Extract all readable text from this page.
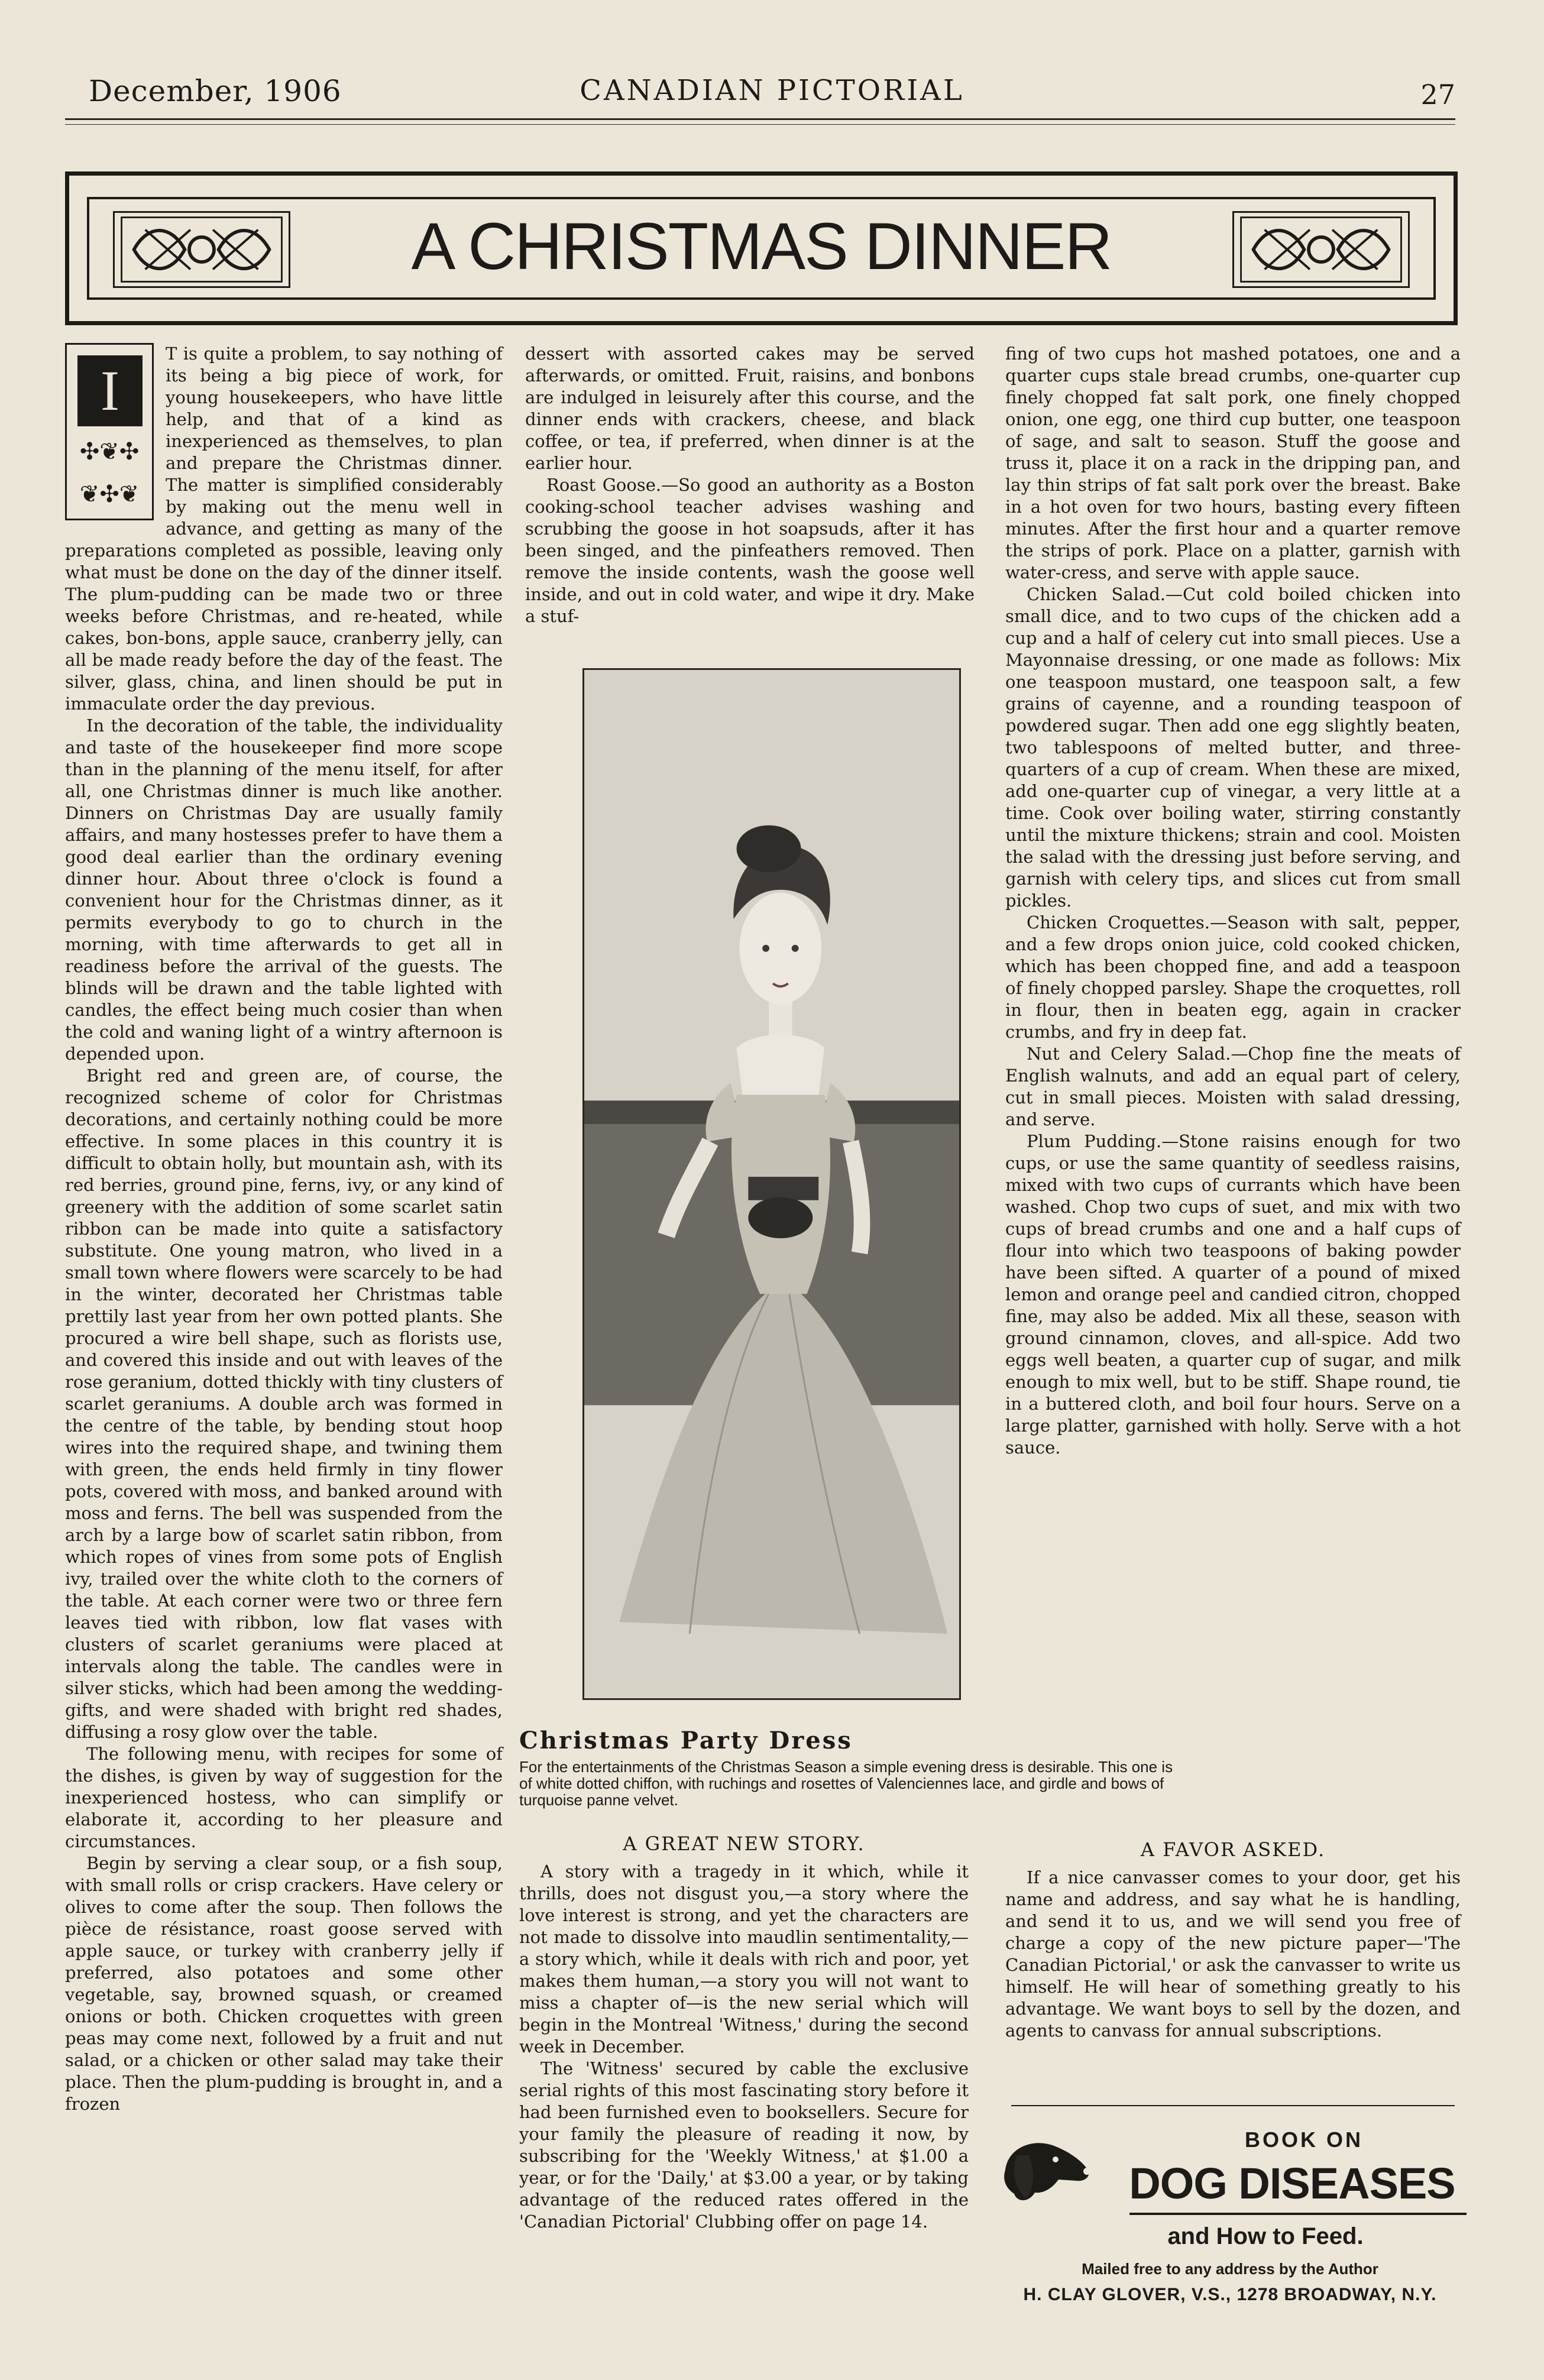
December, 1906	CANADIAN PICTORIAL	27
A CHRISTMAS DINNER
I
✣❦✣
❦✣❦

T is quite a problem, to say nothing of its being a big piece of work, for young housekeepers, who have little help, and that of a kind as inexperienced as themselves, to plan and prepare the Christmas dinner. The matter is simplified considerably by making out the menu well in advance, and getting as many of the preparations completed as possible, leaving only what must be done on the day of the dinner itself. The plum-pudding can be made two or three weeks before Christmas, and re-heated, while cakes, bon-bons, apple sauce, cranberry jelly, can all be made ready before the day of the feast. The silver, glass, china, and linen should be put in immaculate order the day previous.

In the decoration of the table, the individuality and taste of the housekeeper find more scope than in the planning of the menu itself, for after all, one Christmas dinner is much like another. Dinners on Christmas Day are usually family affairs, and many hostesses prefer to have them a good deal earlier than the ordinary evening dinner hour. About three o'clock is found a convenient hour for the Christmas dinner, as it permits everybody to go to church in the morning, with time afterwards to get all in readiness before the arrival of the guests. The blinds will be drawn and the table lighted with candles, the effect being much cosier than when the cold and waning light of a wintry afternoon is depended upon.

Bright red and green are, of course, the recognized scheme of color for Christmas decorations, and certainly nothing could be more effective. In some places in this country it is difficult to obtain holly, but mountain ash, with its red berries, ground pine, ferns, ivy, or any kind of greenery with the addition of some scarlet satin ribbon can be made into quite a satisfactory substitute. One young matron, who lived in a small town where flowers were scarcely to be had in the winter, decorated her Christmas table prettily last year from her own potted plants. She procured a wire bell shape, such as florists use, and covered this inside and out with leaves of the rose geranium, dotted thickly with tiny clusters of scarlet geraniums. A double arch was formed in the centre of the table, by bending stout hoop wires into the required shape, and twining them with green, the ends held firmly in tiny flower pots, covered with moss, and banked around with moss and ferns. The bell was suspended from the arch by a large bow of scarlet satin ribbon, from which ropes of vines from some pots of English ivy, trailed over the white cloth to the corners of the table. At each corner were two or three fern leaves tied with ribbon, low flat vases with clusters of scarlet geraniums were placed at intervals along the table. The candles were in silver sticks, which had been among the wedding-gifts, and were shaded with bright red shades, diffusing a rosy glow over the table.

The following menu, with recipes for some of the dishes, is given by way of suggestion for the inexperienced hostess, who can simplify or elaborate it, according to her pleasure and circumstances.

Begin by serving a clear soup, or a fish soup, with small rolls or crisp crackers. Have celery or olives to come after the soup. Then follows the pièce de résistance, roast goose served with apple sauce, or turkey with cranberry jelly if preferred, also potatoes and some other vegetable, say, browned squash, or creamed onions or both. Chicken croquettes with green peas may come next, followed by a fruit and nut salad, or a chicken or other salad may take their place. Then the plum-pudding is brought in, and a frozen

dessert with assorted cakes may be served afterwards, or omitted. Fruit, raisins, and bonbons are indulged in leisurely after this course, and the dinner ends with crackers, cheese, and black coffee, or tea, if preferred, when dinner is at the earlier hour.

Roast Goose.—So good an authority as a Boston cooking-school teacher advises washing and scrubbing the goose in hot soapsuds, after it has been singed, and the pinfeathers removed. Then remove the inside contents, wash the goose well inside, and out in cold water, and wipe it dry. Make a stuf-

fing of two cups hot mashed potatoes, one and a quarter cups stale bread crumbs, one-quarter cup finely chopped fat salt pork, one finely chopped onion, one egg, one third cup butter, one teaspoon of sage, and salt to season. Stuff the goose and truss it, place it on a rack in the dripping pan, and lay thin strips of fat salt pork over the breast. Bake in a hot oven for two hours, basting every fifteen minutes. After the first hour and a quarter remove the strips of pork. Place on a platter, garnish with water-cress, and serve with apple sauce.

Chicken Salad.—Cut cold boiled chicken into small dice, and to two cups of the chicken add a cup and a half of celery cut into small pieces. Use a Mayonnaise dressing, or one made as follows: Mix one teaspoon mustard, one teaspoon salt, a few grains of cayenne, and a rounding teaspoon of powdered sugar. Then add one egg slightly beaten, two tablespoons of melted butter, and three-quarters of a cup of cream. When these are mixed, add one-quarter cup of vinegar, a very little at a time. Cook over boiling water, stirring constantly until the mixture thickens; strain and cool. Moisten the salad with the dressing just before serving, and garnish with celery tips, and slices cut from small pickles.

Chicken Croquettes.—Season with salt, pepper, and a few drops onion juice, cold cooked chicken, which has been chopped fine, and add a teaspoon of finely chopped parsley. Shape the croquettes, roll in flour, then in beaten egg, again in cracker crumbs, and fry in deep fat.

Nut and Celery Salad.—Chop fine the meats of English walnuts, and add an equal part of celery, cut in small pieces. Moisten with salad dressing, and serve.

Plum Pudding.—Stone raisins enough for two cups, or use the same quantity of seedless raisins, mixed with two cups of currants which have been washed. Chop two cups of suet, and mix with two cups of bread crumbs and one and a half cups of flour into which two teaspoons of baking powder have been sifted. A quarter of a pound of mixed lemon and orange peel and candied citron, chopped fine, may also be added. Mix all these, season with ground cinnamon, cloves, and all-spice. Add two eggs well beaten, a quarter cup of sugar, and milk enough to mix well, but to be stiff. Shape round, tie in a buttered cloth, and boil four hours. Serve on a large platter, garnished with holly. Serve with a hot sauce.

Christmas Party Dress
For the entertainments of the Christmas Season a simple evening dress is desirable. This one is of white dotted chiffon, with ruchings and rosettes of Valenciennes lace, and girdle and bows of turquoise panne velvet.
A GREAT NEW STORY.

A story with a tragedy in it which, while it thrills, does not disgust you,—a story where the love interest is strong, and yet the characters are not made to dissolve into maudlin sentimentality,—a story which, while it deals with rich and poor, yet makes them human,—a story you will not want to miss a chapter of—is the new serial which will begin in the Montreal 'Witness,' during the second week in December.

The 'Witness' secured by cable the exclusive serial rights of this most fascinating story before it had been furnished even to booksellers. Secure for your family the pleasure of reading it now, by subscribing for the 'Weekly Witness,' at $1.00 a year, or for the 'Daily,' at $3.00 a year, or by taking advantage of the reduced rates offered in the 'Canadian Pictorial' Clubbing offer on page 14.

A FAVOR ASKED.

If a nice canvasser comes to your door, get his name and address, and say what he is handling, and send it to us, and we will send you free of charge a copy of the new picture paper—'The Canadian Pictorial,' or ask the canvasser to write us himself. He will hear of something greatly to his advantage. We want boys to sell by the dozen, and agents to canvass for annual subscriptions.

BOOK ON
DOG DISEASES
and How to Feed.
Mailed free to any address by the Author
H. CLAY GLOVER, V.S., 1278 BROADWAY, N.Y.
